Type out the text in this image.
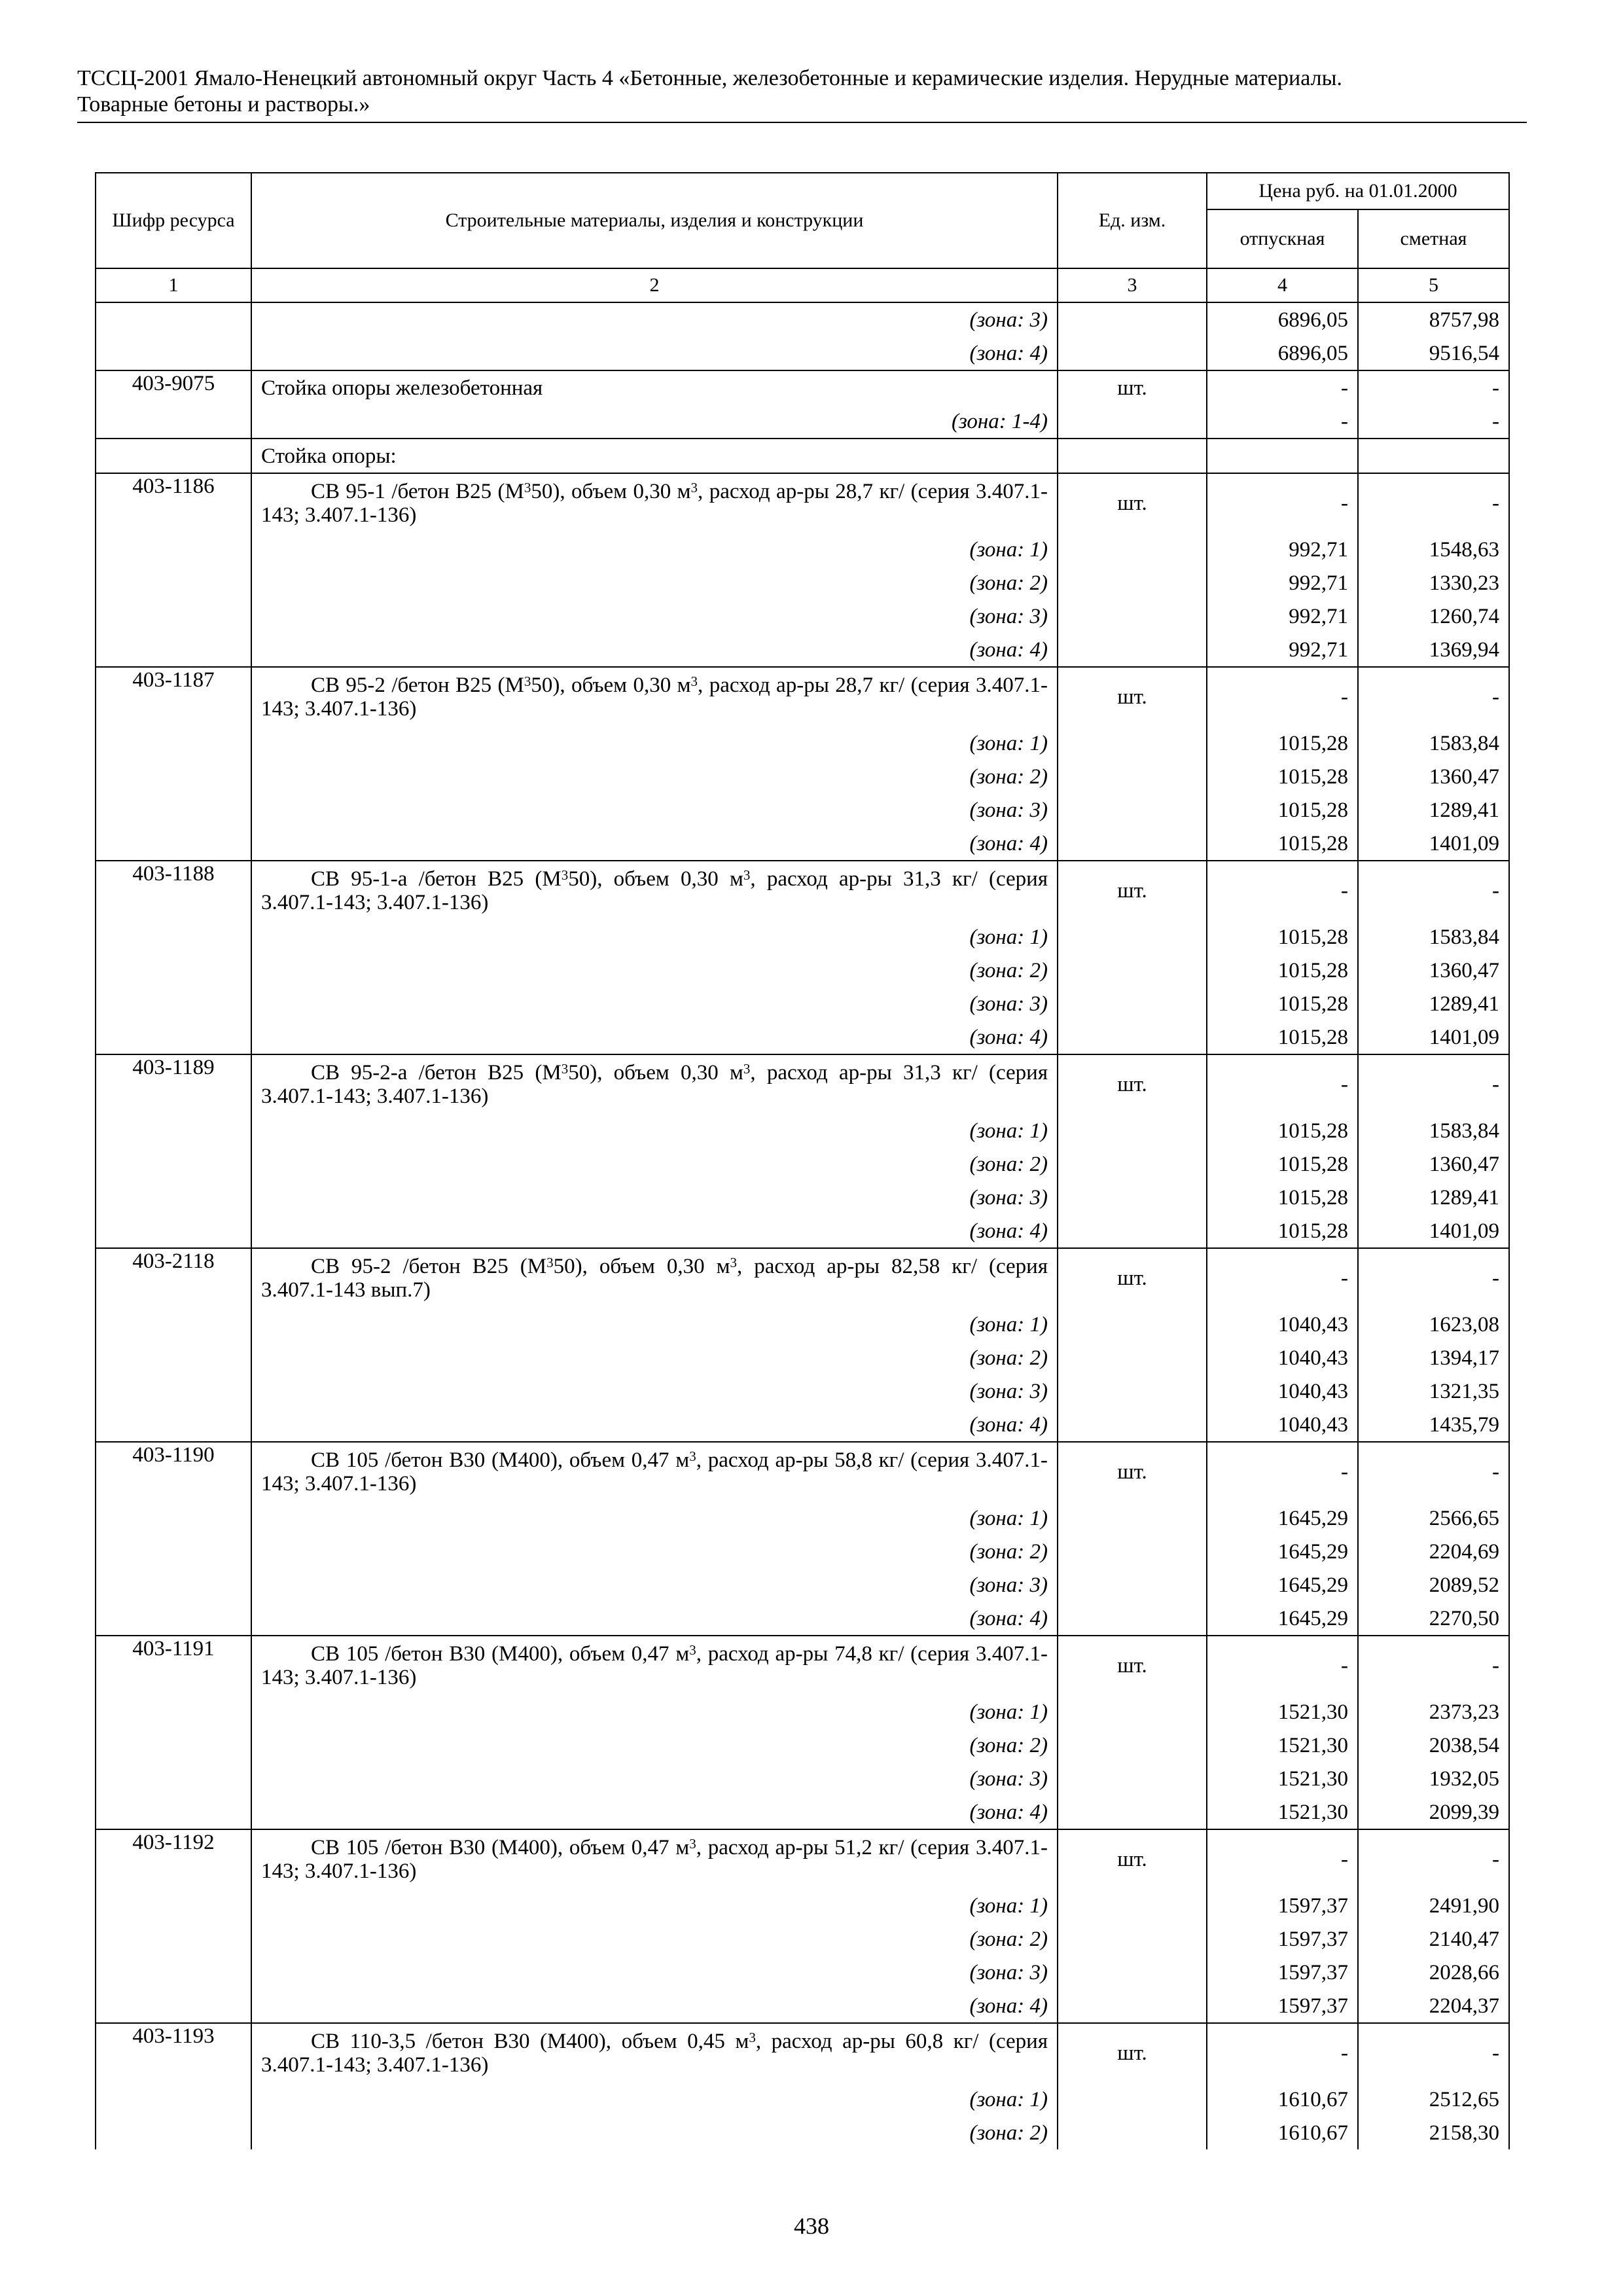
ТССЦ-2001 Ямало-Ненецкий автономный округ Часть 4 «Бетонные, железобетонные и керамические изделия. Нерудные материалы.
Товарные бетоны и растворы.»
Шифр ресурса	Строительные материалы, изделия и конструкции	Ед. изм.	Цена руб. на 01.01.2000	
			отпускная	сметная
1	2	3	4	5
	(зона: 3)		6896,05	8757,98
	(зона: 4)		6896,05	9516,54
403-9075	Стойка опоры железобетонная	шт.	-	-
	(зона: 1-4)		-	-
	Стойка опоры:			
403-1186	СВ 95-1 /бетон В25 $(М^350)$, объем 0,30 $м^3$, расход ар-ры 28,7 кг/ (серия 3.407.1-143; 3.407.1-136)	шт.	-	-
	(зона: 1)		992,71	1548,63
	(зона: 2)		992,71	1330,23
	(зона: 3)		992,71	1260,74
	(зона: 4)		992,71	1369,94
403-1187	СВ 95-2 /бетон В25 $(М^350)$, объем 0,30 $м^3$, расход ар-ры 28,7 кг/ (серия 3.407.1-143; 3.407.1-136)	шт.	-	-
	(зона: 1)		1015,28	1583,84
	(зона: 2)		1015,28	1360,47
	(зона: 3)		1015,28	1289,41
	(зона: 4)		1015,28	1401,09
403-1188	СВ 95-1-а /бетон В25 $(М^350)$, объем 0,30 $м^3$, расход ар-ры 31,3 кг/ (серия 3.407.1-143; 3.407.1-136)	шт.	-	-
	(зона: 1)		1015,28	1583,84
	(зона: 2)		1015,28	1360,47
	(зона: 3)		1015,28	1289,41
	(зона: 4)		1015,28	1401,09
403-1189	СВ 95-2-а /бетон В25 $(М^350)$, объем 0,30 $м^3$, расход ар-ры 31,3 кг/ (серия 3.407.1-143; 3.407.1-136)	шт.	-	-
	(зона: 1)		1015,28	1583,84
	(зона: 2)		1015,28	1360,47
	(зона: 3)		1015,28	1289,41
	(зона: 4)		1015,28	1401,09
403-2118	СВ 95-2 /бетон В25 $(М^350)$, объем 0,30 $м^3$, расход ар-ры 82,58 кг/ (серия 3.407.1-143 вып.7)	шт.	-	-
	(зона: 1)		1040,43	1623,08
	(зона: 2)		1040,43	1394,17
	(зона: 3)		1040,43	1321,35
	(зона: 4)		1040,43	1435,79
403-1190	СВ 105 /бетон В30 (М400), объем 0,47 $м^3$, расход ар-ры 58,8 кг/ (серия 3.407.1-143; 3.407.1-136)	шт.	-	-
	(зона: 1)		1645,29	2566,65
	(зона: 2)		1645,29	2204,69
	(зона: 3)		1645,29	2089,52
	(зона: 4)		1645,29	2270,50
403-1191	СВ 105 /бетон В30 (М400), объем 0,47 $м^3$, расход ар-ры 74,8 кг/ (серия 3.407.1-143; 3.407.1-136)	шт.	-	-
	(зона: 1)		1521,30	2373,23
	(зона: 2)		1521,30	2038,54
	(зона: 3)		1521,30	1932,05
	(зона: 4)		1521,30	2099,39
403-1192	СВ 105 /бетон В30 (М400), объем 0,47 $м^3$, расход ар-ры 51,2 кг/ (серия 3.407.1-143; 3.407.1-136)	шт.	-	-
	(зона: 1)		1597,37	2491,90
	(зона: 2)		1597,37	2140,47
	(зона: 3)		1597,37	2028,66
	(зона: 4)		1597,37	2204,37
403-1193	СВ 110-3,5 /бетон В30 (М400), объем 0,45 $м^3$, расход ар-ры 60,8 кг/ (серия 3.407.1-143; 3.407.1-136)	шт.	-	-
	(зона: 1)		1610,67	2512,65
	(зона: 2)		1610,67	2158,30
438
